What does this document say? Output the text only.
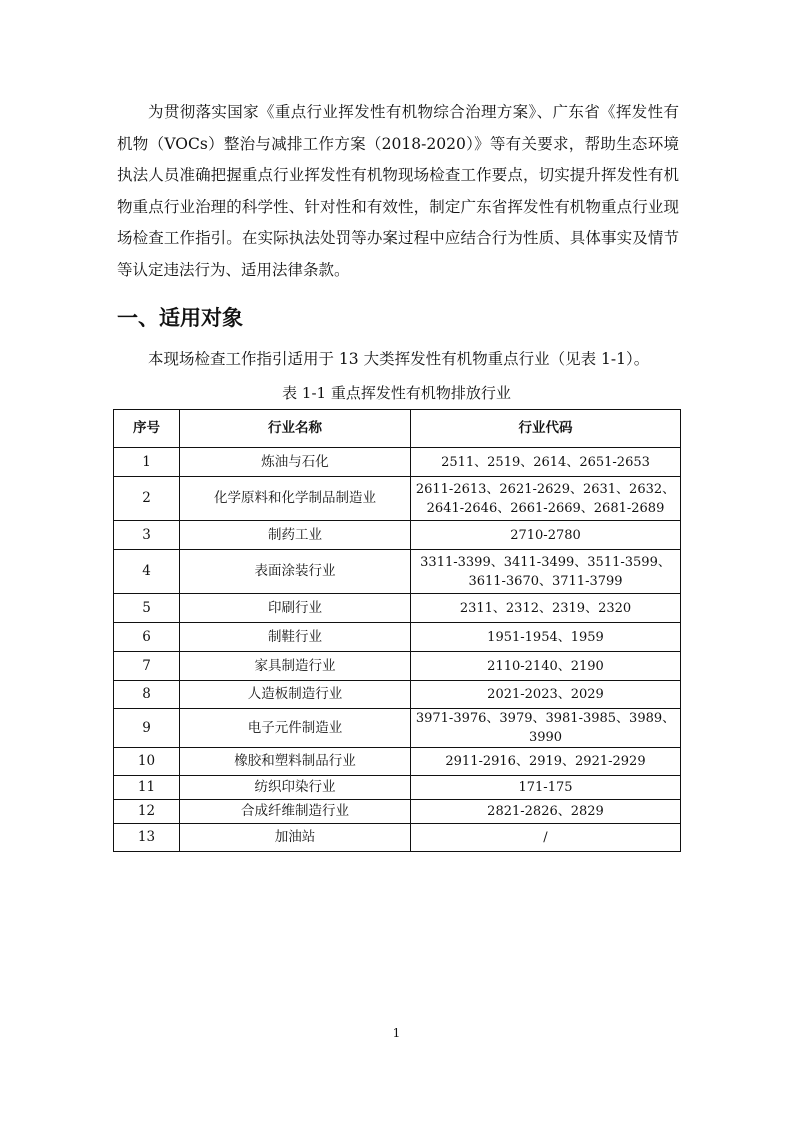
为贯彻落实国家《重点行业挥发性有机物综合治理方案》、广东省《挥发性有机物（VOCs）整治与减排工作方案（2018-2020）》等有关要求，帮助生态环境执法人员准确把握重点行业挥发性有机物现场检查工作要点，切实提升挥发性有机物重点行业治理的科学性、针对性和有效性，制定广东省挥发性有机物重点行业现场检查工作指引。在实际执法处罚等办案过程中应结合行为性质、具体事实及情节等认定违法行为、适用法律条款。

一、适用对象

本现场检查工作指引适用于 13 大类挥发性有机物重点行业（见表 1-1）。

表 1-1 重点挥发性有机物排放行业

序号	行业名称	行业代码
1	炼油与石化	2511、2519、2614、2651-2653
2	化学原料和化学制品制造业	2611-2613、2621-2629、2631、2632、
2641-2646、2661-2669、2681-2689
3	制药工业	2710-2780
4	表面涂装行业	3311-3399、3411-3499、3511-3599、
3611-3670、3711-3799
5	印刷行业	2311、2312、2319、2320
6	制鞋行业	1951-1954、1959
7	家具制造行业	2110-2140、2190
8	人造板制造行业	2021-2023、2029
9	电子元件制造业	3971-3976、3979、3981-3985、3989、3990
10	橡胶和塑料制品行业	2911-2916、2919、2921-2929
11	纺织印染行业	171-175
12	合成纤维制造行业	2821-2826、2829
13	加油站	/

1
